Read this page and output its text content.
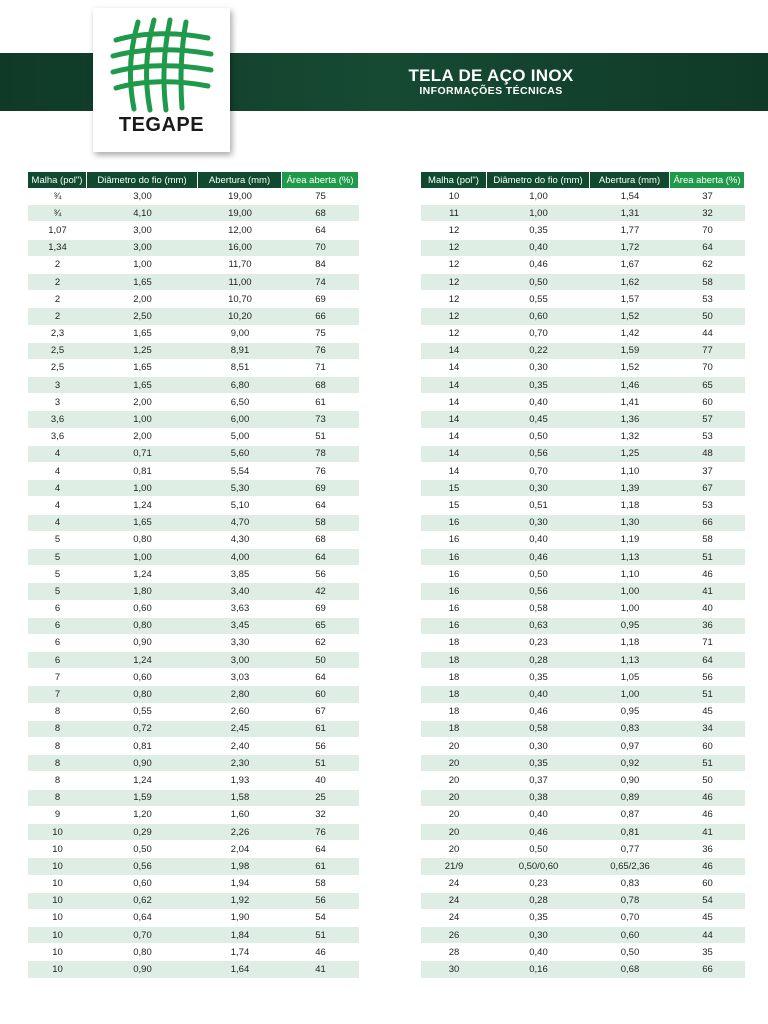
TELA DE AÇO INOX
INFORMAÇÕES TÉCNICAS
TEGAPE
Malha (pol")	Diâmetro do fio (mm)	Abertura (mm)	Área aberta (%)
¾	3,00	19,00	75
¾	4,10	19,00	68
1,07	3,00	12,00	64
1,34	3,00	16,00	70
2	1,00	11,70	84
2	1,65	11,00	74
2	2,00	10,70	69
2	2,50	10,20	66
2,3	1,65	9,00	75
2,5	1,25	8,91	76
2,5	1,65	8,51	71
3	1,65	6,80	68
3	2,00	6,50	61
3,6	1,00	6,00	73
3,6	2,00	5,00	51
4	0,71	5,60	78
4	0,81	5,54	76
4	1,00	5,30	69
4	1,24	5,10	64
4	1,65	4,70	58
5	0,80	4,30	68
5	1,00	4,00	64
5	1,24	3,85	56
5	1,80	3,40	42
6	0,60	3,63	69
6	0,80	3,45	65
6	0,90	3,30	62
6	1,24	3,00	50
7	0,60	3,03	64
7	0,80	2,80	60
8	0,55	2,60	67
8	0,72	2,45	61
8	0,81	2,40	56
8	0,90	2,30	51
8	1,24	1,93	40
8	1,59	1,58	25
9	1,20	1,60	32
10	0,29	2,26	76
10	0,50	2,04	64
10	0,56	1,98	61
10	0,60	1,94	58
10	0,62	1,92	56
10	0,64	1,90	54
10	0,70	1,84	51
10	0,80	1,74	46
10	0,90	1,64	41
Malha (pol")	Diâmetro do fio (mm)	Abertura (mm)	Área aberta (%)
10	1,00	1,54	37
11	1,00	1,31	32
12	0,35	1,77	70
12	0,40	1,72	64
12	0,46	1,67	62
12	0,50	1,62	58
12	0,55	1,57	53
12	0,60	1,52	50
12	0,70	1,42	44
14	0,22	1,59	77
14	0,30	1,52	70
14	0,35	1,46	65
14	0,40	1,41	60
14	0,45	1,36	57
14	0,50	1,32	53
14	0,56	1,25	48
14	0,70	1,10	37
15	0,30	1,39	67
15	0,51	1,18	53
16	0,30	1,30	66
16	0,40	1,19	58
16	0,46	1,13	51
16	0,50	1,10	46
16	0,56	1,00	41
16	0,58	1,00	40
16	0,63	0,95	36
18	0,23	1,18	71
18	0,28	1,13	64
18	0,35	1,05	56
18	0,40	1,00	51
18	0,46	0,95	45
18	0,58	0,83	34
20	0,30	0,97	60
20	0,35	0,92	51
20	0,37	0,90	50
20	0,38	0,89	46
20	0,40	0,87	46
20	0,46	0,81	41
20	0,50	0,77	36
21/9	0,50/0,60	0,65/2,36	46
24	0,23	0,83	60
24	0,28	0,78	54
24	0,35	0,70	45
26	0,30	0,60	44
28	0,40	0,50	35
30	0,16	0,68	66
